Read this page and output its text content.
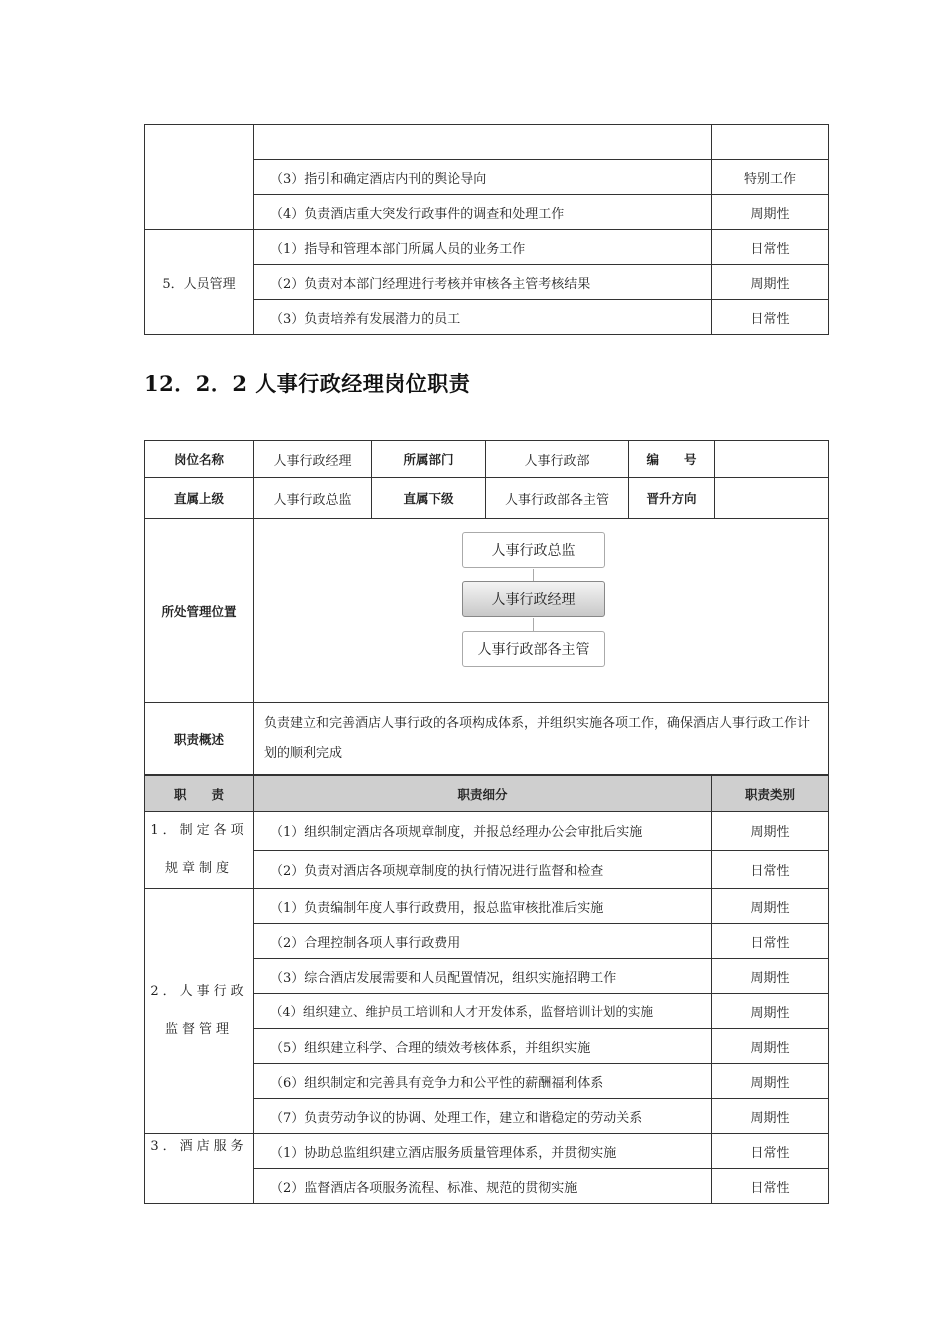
	（3）指引和确定酒店内刊的舆论导向	特别工作
	（4）负责酒店重大突发行政事件的调查和处理工作	周期性
5．人员管理	（1）指导和管理本部门所属人员的业务工作	日常性
	（2）负责对本部门经理进行考核并审核各主管考核结果	周期性
	（3）负责培养有发展潜力的员工	日常性
12．2．2 人事行政经理岗位职责
岗位名称	人事行政经理	所属部门	人事行政部	编　　号	
直属上级	人事行政总监	直属下级	人事行政部各主管	晋升方向	
所处管理位置	人事行政总监
人事行政经理
人事行政部各主管				

职责概述	负责建立和完善酒店人事行政的各项构成体系，并组织实施各项工作，确保酒店人事行政工作计划的顺利完成				
职　　责	职责细分	职责类别
1．制定各项
规章制度	（1）组织制定酒店各项规章制度，并报总经理办公会审批后实施	周期性
	（2）负责对酒店各项规章制度的执行情况进行监督和检查	日常性
2．人事行政
监督管理	（1）负责编制年度人事行政费用，报总监审核批准后实施	周期性
	（2）合理控制各项人事行政费用	日常性
	（3）综合酒店发展需要和人员配置情况，组织实施招聘工作	周期性
	（4）组织建立、维护员工培训和人才开发体系，监督培训计划的实施	周期性
	（5）组织建立科学、合理的绩效考核体系，并组织实施	周期性
	（6）组织制定和完善具有竞争力和公平性的薪酬福利体系	周期性
	（7）负责劳动争议的协调、处理工作，建立和谐稳定的劳动关系	周期性
3．酒店服务	（1）协助总监组织建立酒店服务质量管理体系，并贯彻实施	日常性
	（2）监督酒店各项服务流程、标准、规范的贯彻实施	日常性
